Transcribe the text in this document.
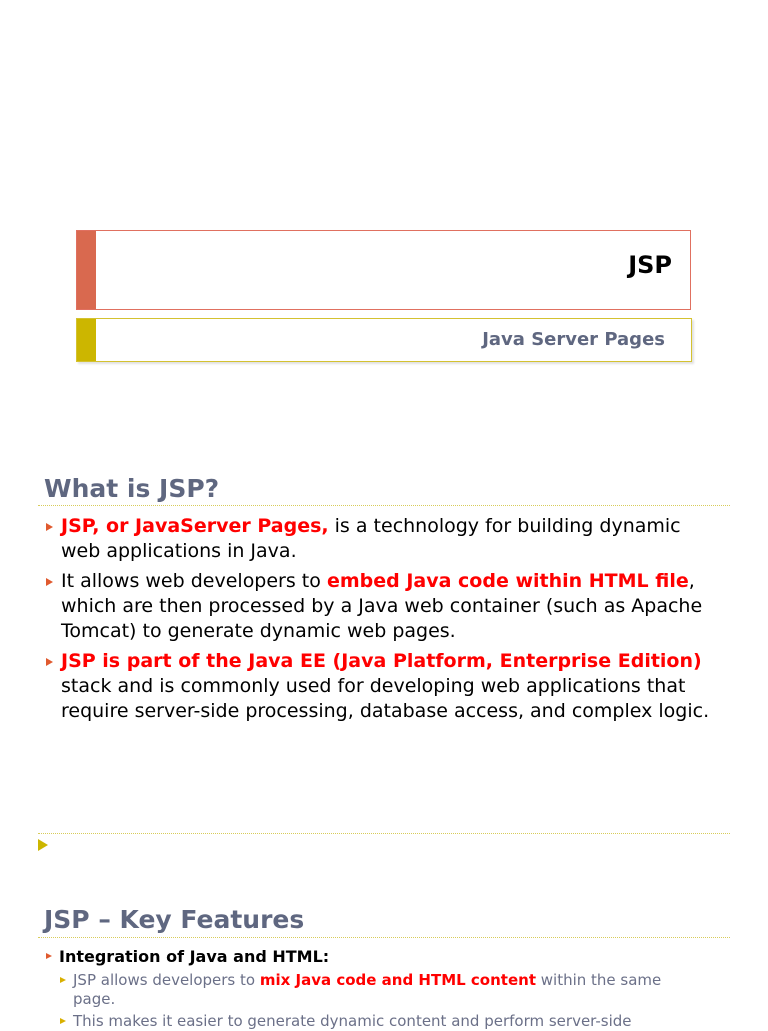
JSP
Java Server Pages
What is JSP?
JSP, or JavaServer Pages, is a technology for building dynamic web applications in Java.
It allows web developers to embed Java code within HTML file, which are then processed by a Java web container (such as Apache Tomcat) to generate dynamic web pages.
JSP is part of the Java EE (Java Platform, Enterprise Edition) stack and is commonly used for developing web applications that require server-side processing, database access, and complex logic.
JSP – Key Features
Integration of Java and HTML:
JSP allows developers to mix Java code and HTML content within the same page.
This makes it easier to generate dynamic content and perform server-side
